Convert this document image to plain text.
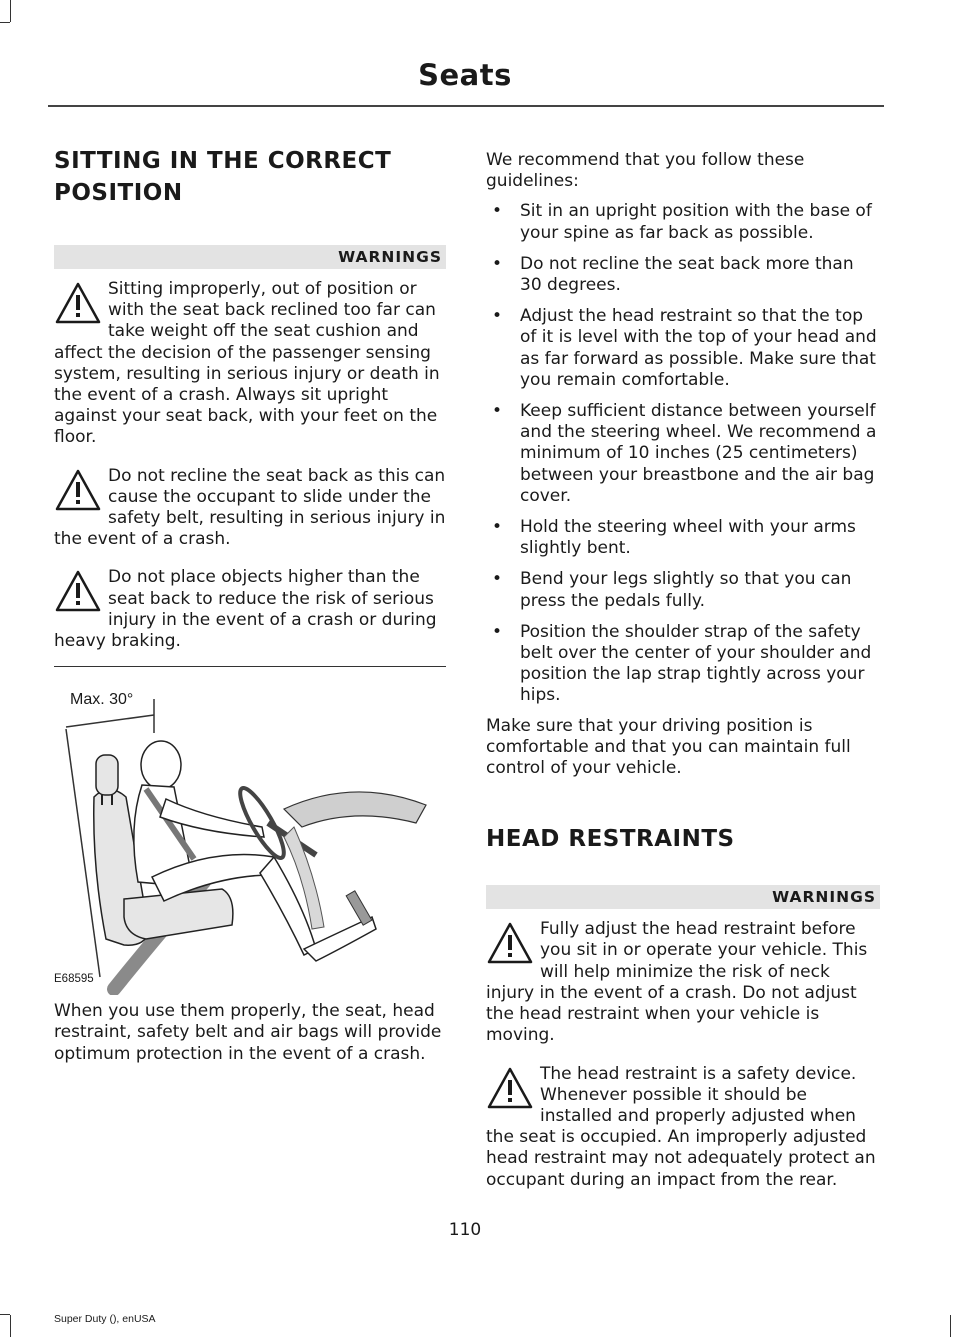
Seats
SITTING IN THE CORRECT
POSITION
WARNINGS
Sitting improperly, out of position or with the seat back reclined too far can take weight off the seat cushion and affect the decision of the passenger sensing system, resulting in serious injury or death in the event of a crash. Always sit upright against your seat back, with your feet on the floor.
Do not recline the seat back as this can cause the occupant to slide under the safety belt, resulting in serious injury in the event of a crash.
Do not place objects higher than the seat back to reduce the risk of serious injury in the event of a crash or during heavy braking.
Max. 30°
E68595

When you use them properly, the seat, head restraint, safety belt and air bags will provide optimum protection in the event of a crash.

We recommend that you follow these guidelines:

• Sit in an upright position with the base of your spine as far back as possible.
• Do not recline the seat back more than 30 degrees.
• Adjust the head restraint so that the top of it is level with the top of your head and as far forward as possible. Make sure that you remain comfortable.
• Keep sufficient distance between yourself and the steering wheel. We recommend a minimum of 10 inches (25 centimeters) between your breastbone and the air bag cover.
• Hold the steering wheel with your arms slightly bent.
• Bend your legs slightly so that you can press the pedals fully.
• Position the shoulder strap of the safety belt over the center of your shoulder and position the lap strap tightly across your hips.

Make sure that your driving position is comfortable and that you can maintain full control of your vehicle.

HEAD RESTRAINTS
WARNINGS
Fully adjust the head restraint before you sit in or operate your vehicle. This will help minimize the risk of neck injury in the event of a crash. Do not adjust the head restraint when your vehicle is moving.
The head restraint is a safety device. Whenever possible it should be installed and properly adjusted when the seat is occupied. An improperly adjusted head restraint may not adequately protect an occupant during an impact from the rear.
110
Super Duty (), enUSA
